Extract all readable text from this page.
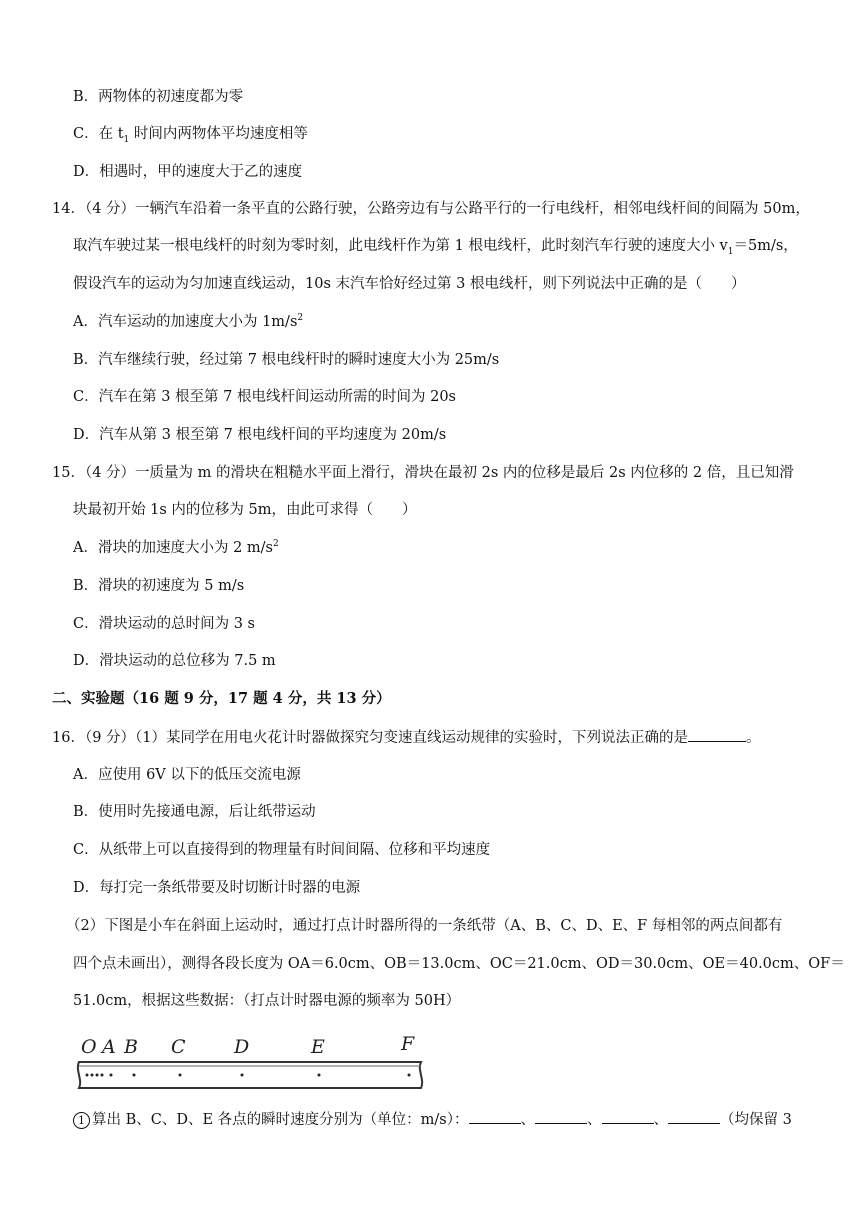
B．两物体的初速度都为零
C．在 $t_1$ 时间内两物体平均速度相等
D．相遇时，甲的速度大于乙的速度
14．（4 分）一辆汽车沿着一条平直的公路行驶，公路旁边有与公路平行的一行电线杆，相邻电线杆间的间隔为 50m，
取汽车驶过某一根电线杆的时刻为零时刻，此电线杆作为第 1 根电线杆，此时刻汽车行驶的速度大小 $v_1=5m/s$，
假设汽车的运动为匀加速直线运动，10s 末汽车恰好经过第 3 根电线杆，则下列说法中正确的是（　　）
A．汽车运动的加速度大小为 $1m/s^2$
B．汽车继续行驶，经过第 7 根电线杆时的瞬时速度大小为 25m/s
C．汽车在第 3 根至第 7 根电线杆间运动所需的时间为 20s
D．汽车从第 3 根至第 7 根电线杆间的平均速度为 20m/s
15．（4 分）一质量为 m 的滑块在粗糙水平面上滑行，滑块在最初 2s 内的位移是最后 2s 内位移的 2 倍，且已知滑
块最初开始 1s 内的位移为 5m，由此可求得（　　）
A．滑块的加速度大小为 2 $m/s^2$
B．滑块的初速度为 5 m/s
C．滑块运动的总时间为 3 s
D．滑块运动的总位移为 7.5 m
二、实验题（16 题 9 分，17 题 4 分，共 13 分）
16．（9 分）（1）某同学在用电火花计时器做探究匀变速直线运动规律的实验时，下列说法正确的是	。
A．应使用 6V 以下的低压交流电源
B．使用时先接通电源，后让纸带运动
C．从纸带上可以直接得到的物理量有时间间隔、位移和平均速度
D．每打完一条纸带要及时切断计时器的电源
（2）下图是小车在斜面上运动时，通过打点计时器所得的一条纸带（A、B、C、D、E、F 每相邻的两点间都有
四个点未画出），测得各段长度为 OA＝6.0cm、OB＝13.0cm、OC＝21.0cm、OD＝30.0cm、OE＝40.0cm、OF＝
51.0cm，根据这些数据：（打点计时器电源的频率为 50H）
O A B C	D	E	F
1 算出 B、C、D、E 各点的瞬时速度分别为（单位：m/s）：	、	、	、	（均保留 3
